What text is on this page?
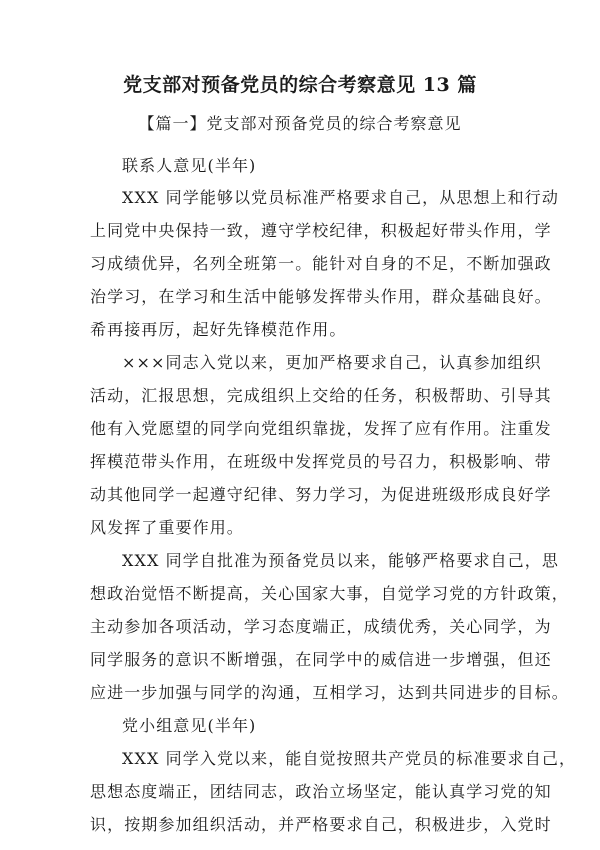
党支部对预备党员的综合考察意见 13 篇
【篇一】党支部对预备党员的综合考察意见
联系人意见(半年)
XXX 同学能够以党员标准严格要求自己，从思想上和行动
上同党中央保持一致，遵守学校纪律，积极起好带头作用，学
习成绩优异，名列全班第一。能针对自身的不足，不断加强政
治学习，在学习和生活中能够发挥带头作用，群众基础良好。
希再接再厉，起好先锋模范作用。
×××同志入党以来，更加严格要求自己，认真参加组织
活动，汇报思想，完成组织上交给的任务，积极帮助、引导其
他有入党愿望的同学向党组织靠拢，发挥了应有作用。注重发
挥模范带头作用，在班级中发挥党员的号召力，积极影响、带
动其他同学一起遵守纪律、努力学习，为促进班级形成良好学
风发挥了重要作用。
XXX 同学自批准为预备党员以来，能够严格要求自己，思
想政治觉悟不断提高，关心国家大事，自觉学习党的方针政策，
主动参加各项活动，学习态度端正，成绩优秀，关心同学，为
同学服务的意识不断增强，在同学中的威信进一步增强，但还
应进一步加强与同学的沟通，互相学习，达到共同进步的目标。
党小组意见(半年)
XXX 同学入党以来，能自觉按照共产党员的标准要求自己，
思想态度端正，团结同志，政治立场坚定，能认真学习党的知
识，按期参加组织活动，并严格要求自己，积极进步，入党时
